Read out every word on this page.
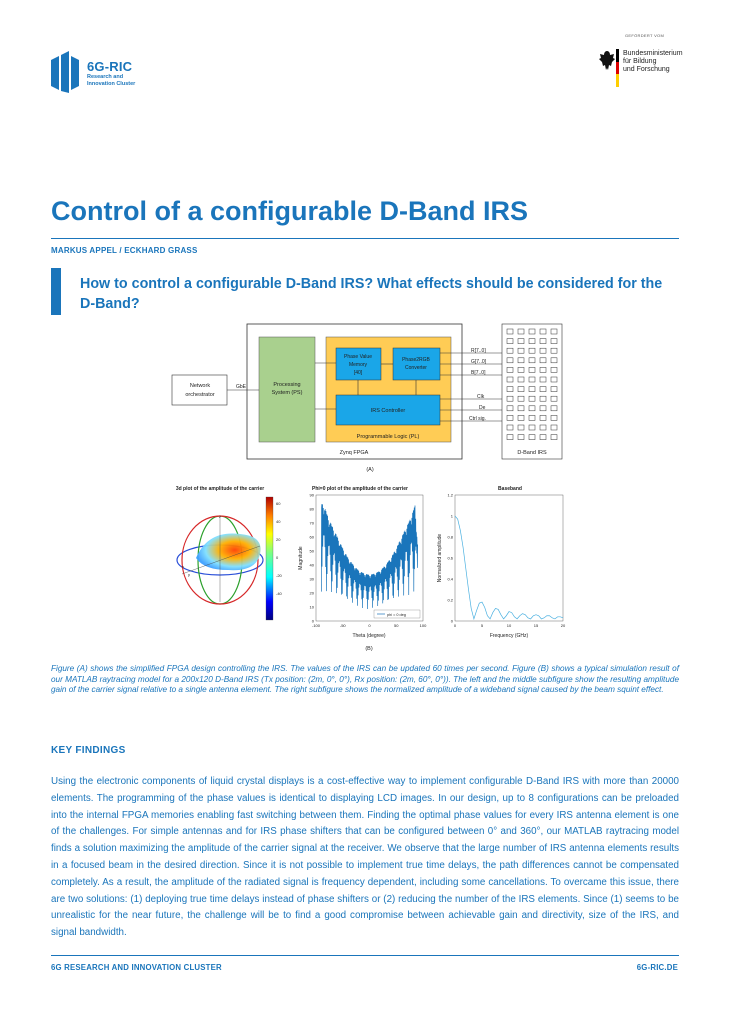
6G-RIC
Research and
Innovation Cluster
GEFÖRDERT VOM
Bundesministerium
für Bildung
und Forschung
Control of a configurable D-Band IRS
MARKUS APPEL / ECKHARD GRASS
How to control a configurable D-Band IRS? What effects should be considered for the D-Band?
Zynq FPGA
Processing
System (PS)
Programmable Logic (PL)
Phase Value
Memory
[40]
Phase2RGB
Converter
IRS Controller
Network
orchestrator
GbE
R[7..0]
G[7..0]
B[7..0]
Clk
De
Ctrl sig.
D-Band IRS
(A)
3d plot of the amplitude of the carrier
z
x
y
60
40
20
0
-20
-40
Phi=0 plot of the amplitude of the carrier
-100	-50	0	50	100
0
10
20
30
40
50
60
70
80
90
phi = 0 deg
Theta (degree)
Magnitude
Baseband
0	5	10	15	20
0
0.2
0.4
0.6
0.8
1
1.2
Frequency (GHz)
Normalized amplitude
(B)
Figure (A) shows the simplified FPGA design controlling the IRS. The values of the IRS can be updated 60 times per second. Figure (B) shows a typical simulation result of our MATLAB raytracing model for a 200x120 D-Band IRS (Tx position: (2m, 0°, 0°), Rx position: (2m, 60°, 0°)). The left and the middle subfigure show the resulting amplitude gain of the carrier signal relative to a single antenna element. The right subfigure shows the normalized amplitude of a wideband signal caused by the beam squint effect.
KEY FINDINGS
Using the electronic components of liquid crystal displays is a cost-effective way to implement configurable D-Band IRS with more than 20000 elements. The programming of the phase values is identical to displaying LCD images. In our design, up to 8 configurations can be preloaded into the internal FPGA memories enabling fast switching between them. Finding the optimal phase values for every IRS antenna element is one of the challenges. For simple antennas and for IRS phase shifters that can be configured between 0° and 360°, our MATLAB raytracing model finds a solution maximizing the amplitude of the carrier signal at the receiver. We observe that the large number of IRS antenna elements results in a focused beam in the desired direction. Since it is not possible to implement true time delays, the path differences cannot be compensated completely. As a result, the amplitude of the radiated signal is frequency dependent, including some cancellations. To overcame this issue, there are two solutions: (1) deploying true time delays instead of phase shifters or (2) reducing the number of the IRS elements. Since (1) seems to be unrealistic for the near future, the challenge will be to find a good compromise between achievable gain and directivity, size of the IRS, and signal bandwidth.
6G RESEARCH AND INNOVATION CLUSTER	6G-RIC.DE
